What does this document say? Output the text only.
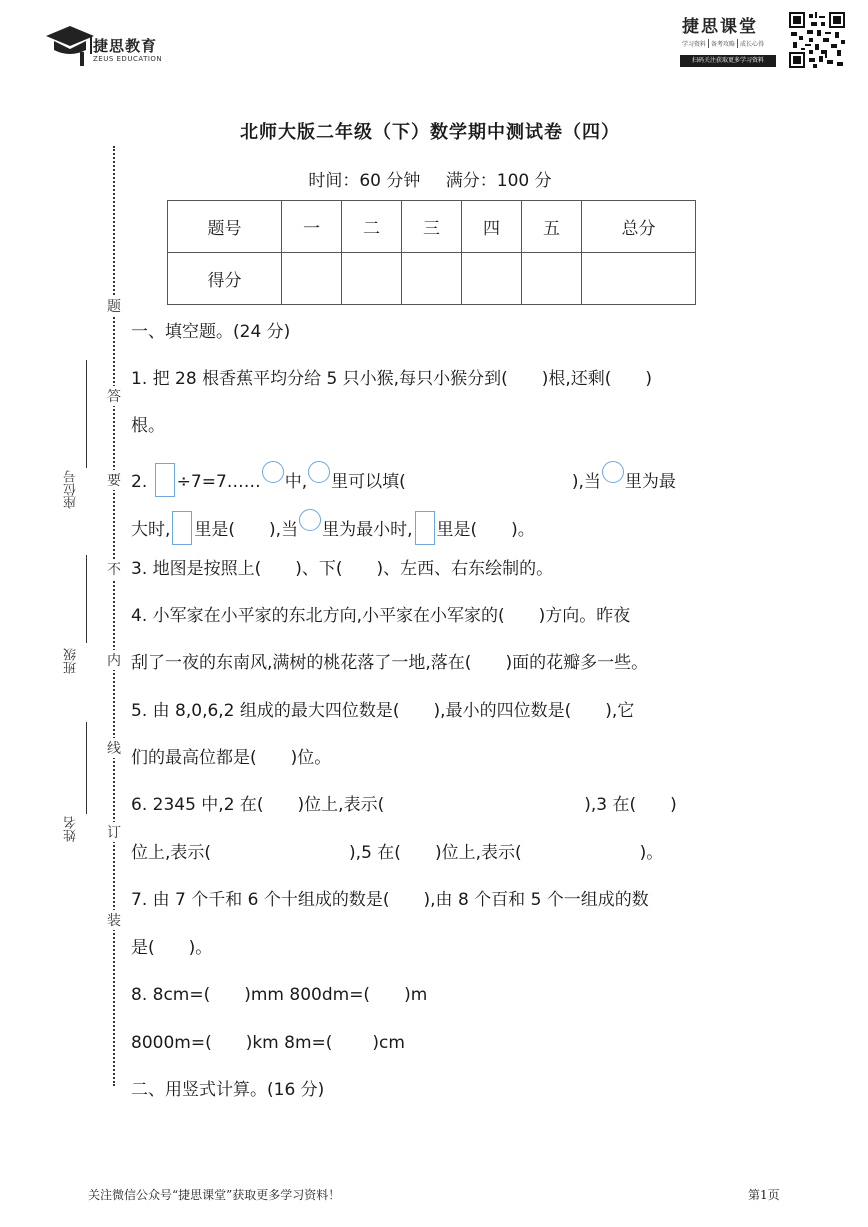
捷思教育
ZEUS EDUCATION
捷思课堂
学习资料 备考攻略 成长心得
扫码关注获取更多学习资料
题
答
要
不
内
线
订
装
座位号
班级
姓名
北师大版二年级（下）数学期中测试卷（四）
时间：60 分钟 满分：100 分
题号	一	二	三	四	五	总分
得分						
一、填空题。(24 分)
1. 把 28 根香蕉平均分给 5 只小猴,每只小猴分到( )根,还剩( )
根。
2. ÷7=7…… 中, 里可以填(	),当 里为最
大时, 里是( ),当 里为最小时, 里是( )。
3. 地图是按照上( )、下( )、左西、右东绘制的。
4. 小军家在小平家的东北方向,小平家在小军家的( )方向。昨夜
刮了一夜的东南风,满树的桃花落了一地,落在( )面的花瓣多一些。
5. 由 8,0,6,2 组成的最大四位数是( ),最小的四位数是( ),它
们的最高位都是( )位。
6. 2345 中,2 在( )位上,表示(	),3 在( )
位上,表示(	),5 在( )位上,表示(	)。
7. 由 7 个千和 6 个十组成的数是( ),由 8 个百和 5 个一组成的数
是( )。
8. 8cm=( )mm 800dm=( )m
8000m=( )km 8m=( )cm
二、用竖式计算。(16 分)
关注微信公众号“捷思课堂”获取更多学习资料！	第1页
